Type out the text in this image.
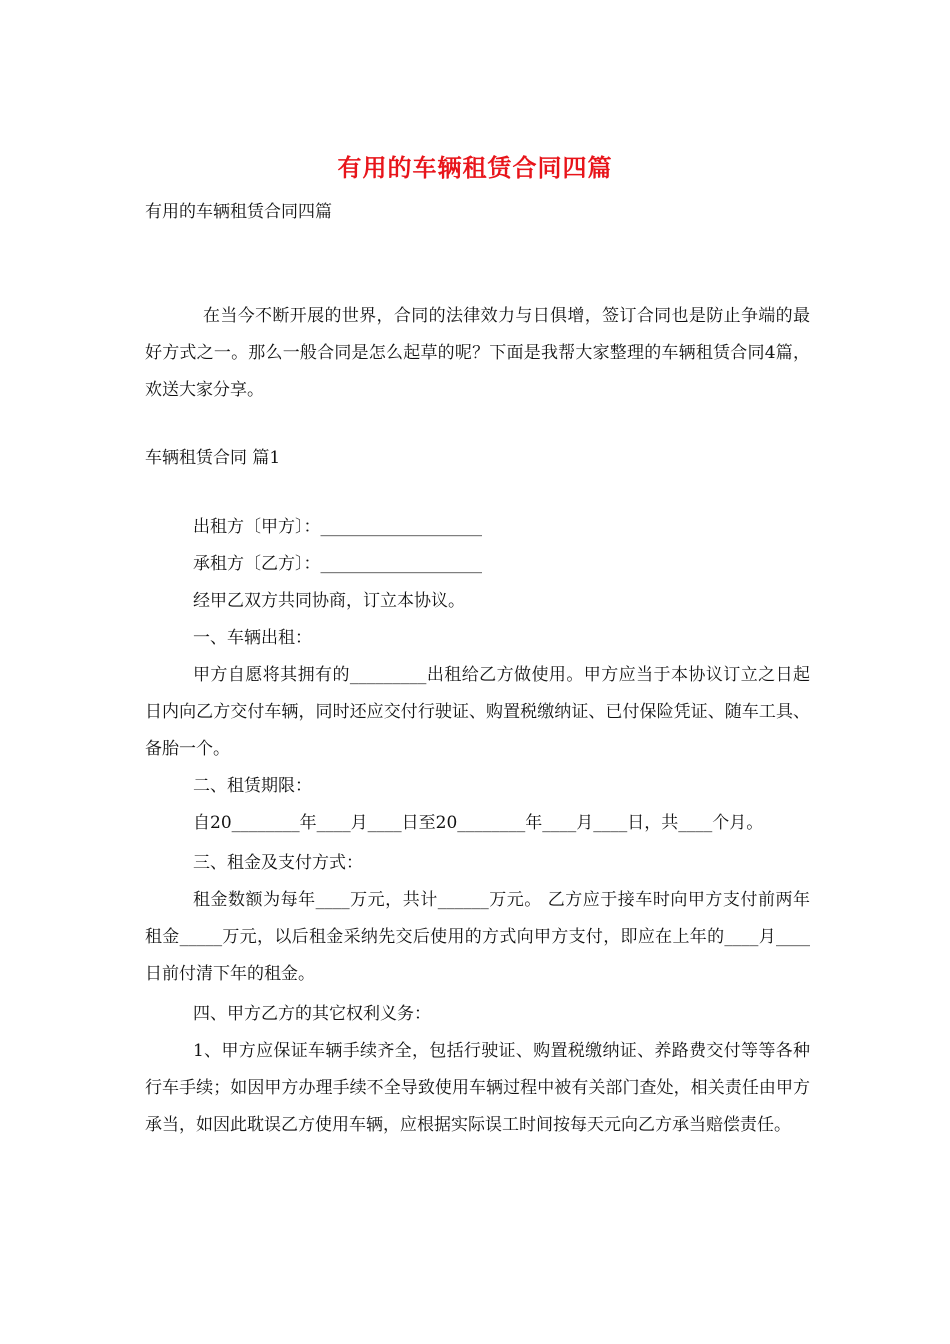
有用的车辆租赁合同四篇
有用的车辆租赁合同四篇
在当今不断开展的世界，合同的法律效力与日俱增，签订合同也是防止争端的最好方式之一。那么一般合同是怎么起草的呢？下面是我帮大家整理的车辆租赁合同4篇，欢送大家分享。
车辆租赁合同 篇1

出租方〔甲方〕：___________________

承租方〔乙方〕：___________________

经甲乙双方共同协商，订立本协议。

一、车辆出租：

甲方自愿将其拥有的_________出租给乙方做使用。甲方应当于本协议订立之日起日内向乙方交付车辆，同时还应交付行驶证、购置税缴纳证、已付保险凭证、随车工具、备胎一个。

二、租赁期限：

自20________年____月____日至20________年____月____日，共____个月。

三、租金及支付方式：

租金数额为每年____万元，共计______万元。 乙方应于接车时向甲方支付前两年租金_____万元，以后租金采纳先交后使用的方式向甲方支付，即应在上年的____月____日前付清下年的租金。

四、甲方乙方的其它权利义务：

1、甲方应保证车辆手续齐全，包括行驶证、购置税缴纳证、养路费交付等等各种行车手续；如因甲方办理手续不全导致使用车辆过程中被有关部门查处，相关责任由甲方承当，如因此耽误乙方使用车辆，应根据实际误工时间按每天元向乙方承当赔偿责任。
